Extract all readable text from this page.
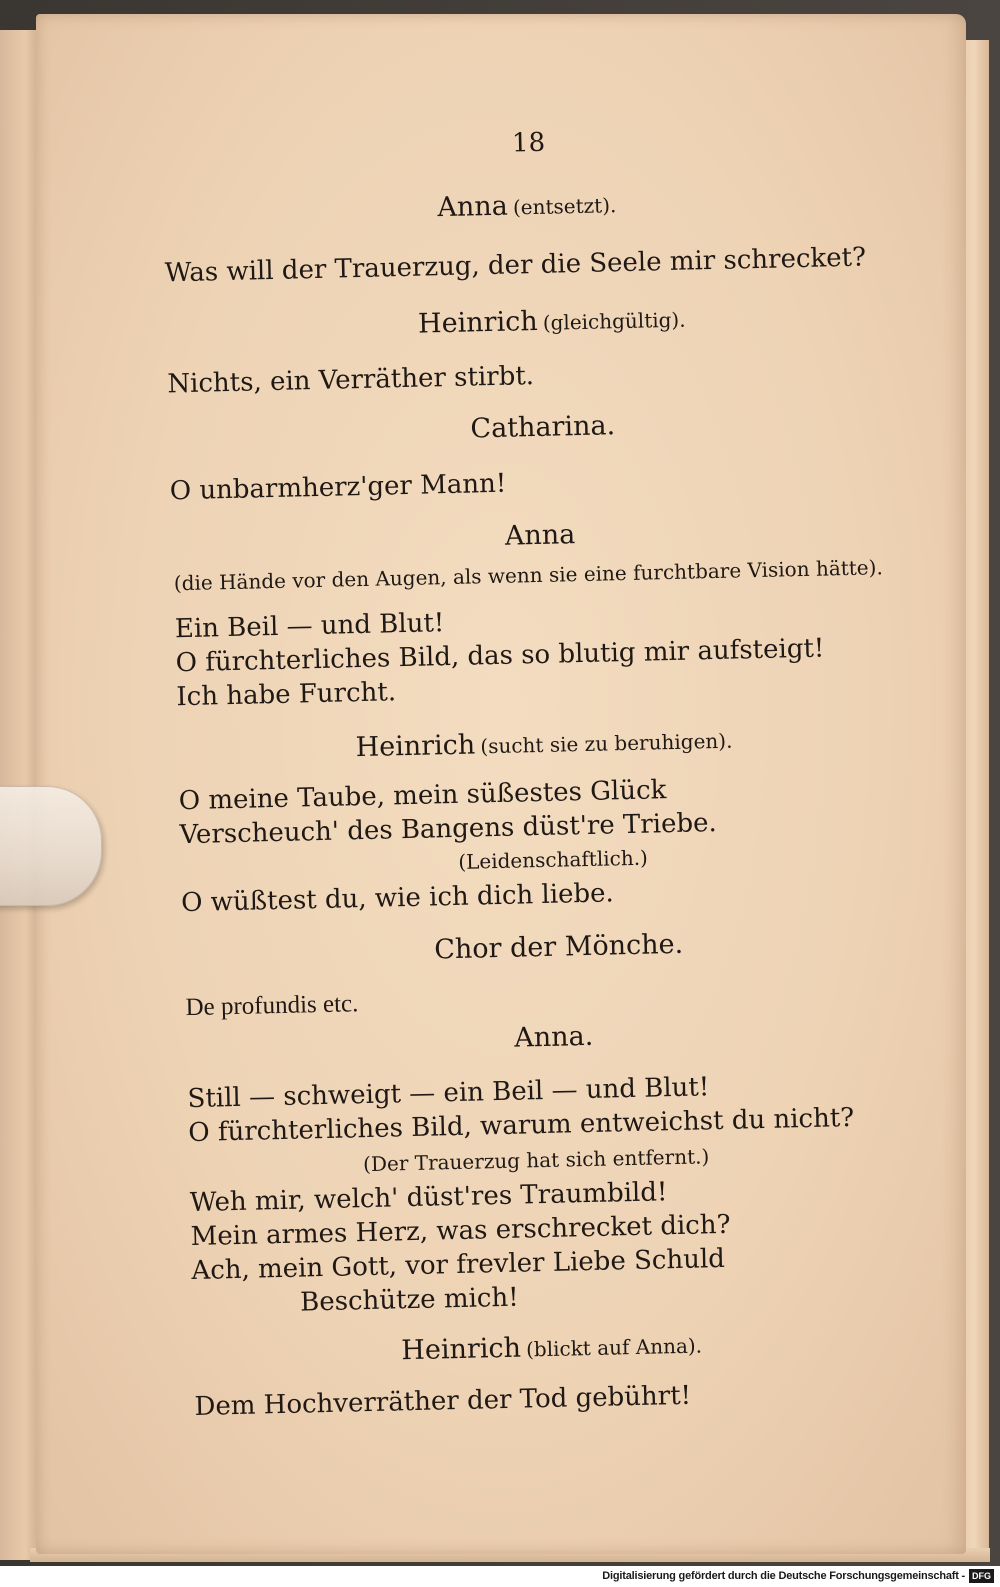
18
Anna (entsetzt).
Was will der Trauerzug, der die Seele mir schrecket?
Heinrich (gleichgültig).
Nichts, ein Verräther stirbt.
Catharina.
O unbarmherz'ger Mann!
Anna
(die Hände vor den Augen, als wenn sie eine furchtbare Vision hätte).
Ein Beil — und Blut!
O fürchterliches Bild, das so blutig mir aufsteigt!
Ich habe Furcht.
Heinrich (sucht sie zu beruhigen).
O meine Taube, mein süßestes Glück
Verscheuch' des Bangens düst're Triebe.
(Leidenschaftlich.)
O wüßtest du, wie ich dich liebe.
Chor der Mönche.
De profundis etc.
Anna.
Still — schweigt — ein Beil — und Blut!
O fürchterliches Bild, warum entweichst du nicht?
(Der Trauerzug hat sich entfernt.)
Weh mir, welch' düst'res Traumbild!
Mein armes Herz, was erschrecket dich?
Ach, mein Gott, vor frevler Liebe Schuld
Beschütze mich!
Heinrich (blickt auf Anna).
Dem Hochverräther der Tod gebührt!
Digitalisierung gefördert durch die Deutsche Forschungsgemeinschaft - DFG
